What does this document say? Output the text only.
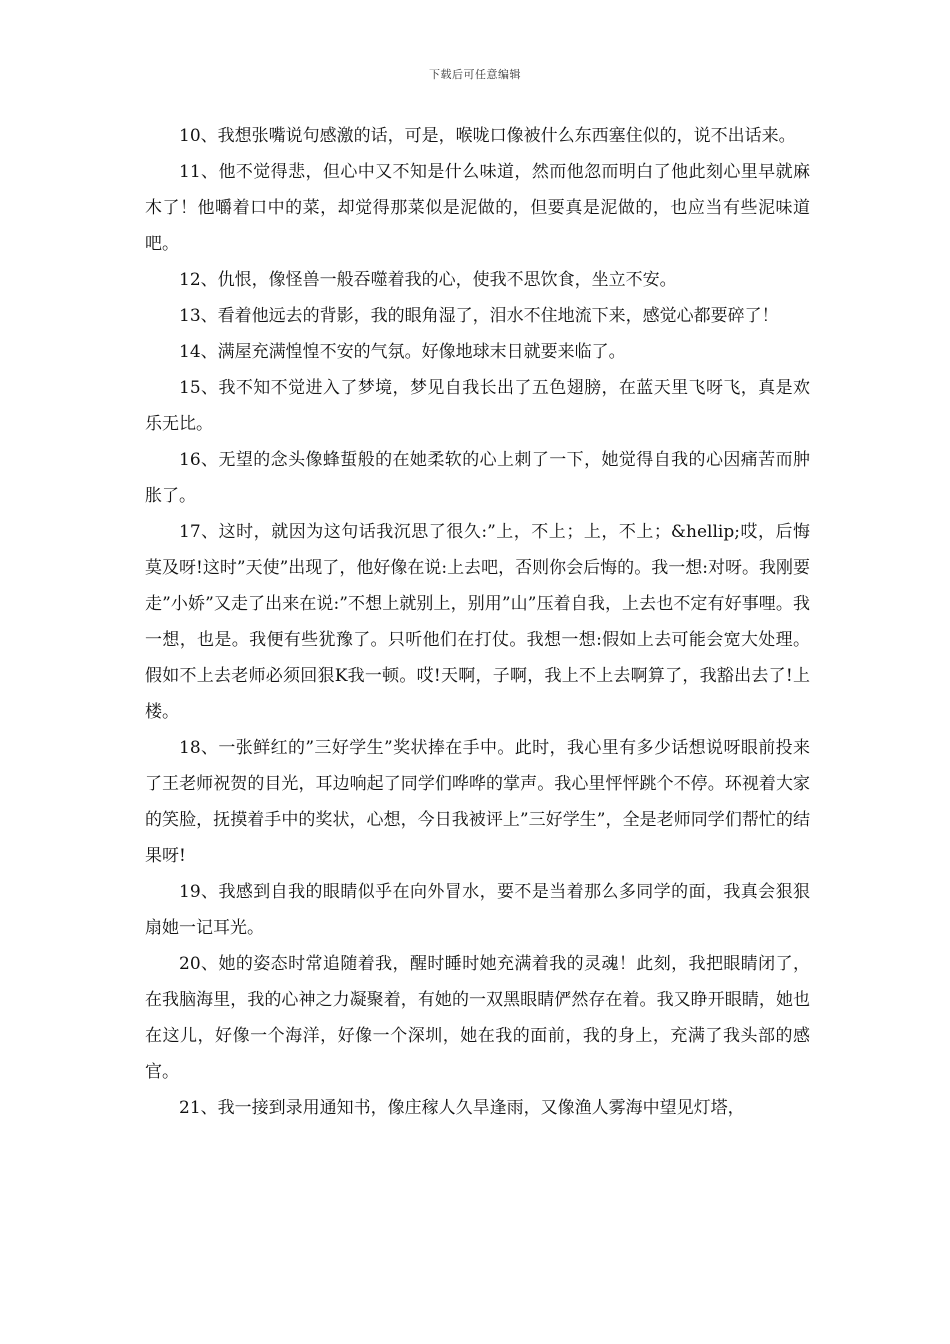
下载后可任意编辑

10、我想张嘴说句感激的话，可是，喉咙口像被什么东西塞住似的，说不出话来。

11、他不觉得悲，但心中又不知是什么味道，然而他忽而明白了他此刻心里早就麻木了！他嚼着口中的菜，却觉得那菜似是泥做的，但要真是泥做的，也应当有些泥味道吧。

12、仇恨，像怪兽一般吞噬着我的心，使我不思饮食，坐立不安。

13、看着他远去的背影，我的眼角湿了，泪水不住地流下来，感觉心都要碎了！

14、满屋充满惶惶不安的气氛。好像地球末日就要来临了。

15、我不知不觉进入了梦境，梦见自我长出了五色翅膀，在蓝天里飞呀飞，真是欢乐无比。

16、无望的念头像蜂蜇般的在她柔软的心上刺了一下，她觉得自我的心因痛苦而肿胀了。

17、这时，就因为这句话我沉思了很久:”上，不上；上，不上；&hellip;哎，后悔莫及呀!这时”天使”出现了，他好像在说:上去吧，否则你会后悔的。我一想:对呀。我刚要走”小娇”又走了出来在说:”不想上就别上，别用”山”压着自我，上去也不定有好事哩。我一想，也是。我便有些犹豫了。只听他们在打仗。我想一想:假如上去可能会宽大处理。假如不上去老师必须回狠K我一顿。哎!天啊，子啊，我上不上去啊算了，我豁出去了!上楼。

18、一张鲜红的”三好学生”奖状捧在手中。此时，我心里有多少话想说呀眼前投来了王老师祝贺的目光，耳边响起了同学们哗哗的掌声。我心里怦怦跳个不停。环视着大家的笑脸，抚摸着手中的奖状，心想，今日我被评上”三好学生”，全是老师同学们帮忙的结果呀!

19、我感到自我的眼睛似乎在向外冒水，要不是当着那么多同学的面，我真会狠狠扇她一记耳光。

20、她的姿态时常追随着我，醒时睡时她充满着我的灵魂！此刻，我把眼睛闭了，在我脑海里，我的心神之力凝聚着，有她的一双黑眼睛俨然存在着。我又睁开眼睛，她也在这儿，好像一个海洋，好像一个深圳，她在我的面前，我的身上，充满了我头部的感官。

21、我一接到录用通知书，像庄稼人久旱逢雨，又像渔人雾海中望见灯塔，
